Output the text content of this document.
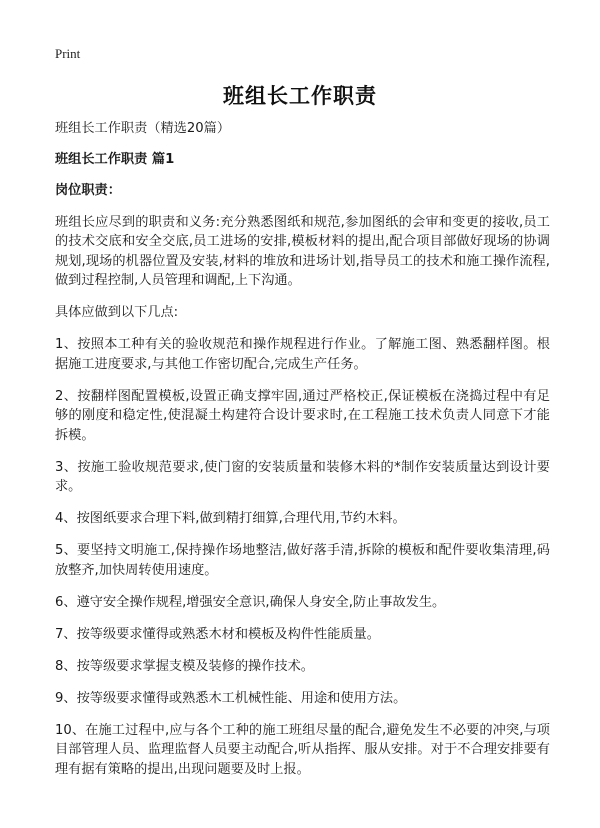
Print
班组长工作职责

班组长工作职责（精选20篇）

班组长工作职责 篇1

岗位职责：

班组长应尽到的职责和义务:充分熟悉图纸和规范,参加图纸的会审和变更的接收,员工的技术交底和安全交底,员工进场的安排,模板材料的提出,配合项目部做好现场的协调规划,现场的机器位置及安装,材料的堆放和进场计划,指导员工的技术和施工操作流程,做到过程控制,人员管理和调配,上下沟通。

具体应做到以下几点:

1、按照本工种有关的验收规范和操作规程进行作业。了解施工图、熟悉翻样图。根据施工进度要求,与其他工作密切配合,完成生产任务。

2、按翻样图配置模板,设置正确支撑牢固,通过严格校正,保证模板在浇捣过程中有足够的刚度和稳定性,使混凝土构建符合设计要求时,在工程施工技术负责人同意下才能拆模。

3、按施工验收规范要求,使门窗的安装质量和装修木料的*制作安装质量达到设计要求。

4、按图纸要求合理下料,做到精打细算,合理代用,节约木料。

5、要坚持文明施工,保持操作场地整洁,做好落手清,拆除的模板和配件要收集清理,码放整齐,加快周转使用速度。

6、遵守安全操作规程,增强安全意识,确保人身安全,防止事故发生。

7、按等级要求懂得或熟悉木材和模板及构件性能质量。

8、按等级要求掌握支模及装修的操作技术。

9、按等级要求懂得或熟悉木工机械性能、用途和使用方法。

10、在施工过程中,应与各个工种的施工班组尽量的配合,避免发生不必要的冲突,与项目部管理人员、监理监督人员要主动配合,听从指挥、服从安排。对于不合理安排要有理有据有策略的提出,出现问题要及时上报。
